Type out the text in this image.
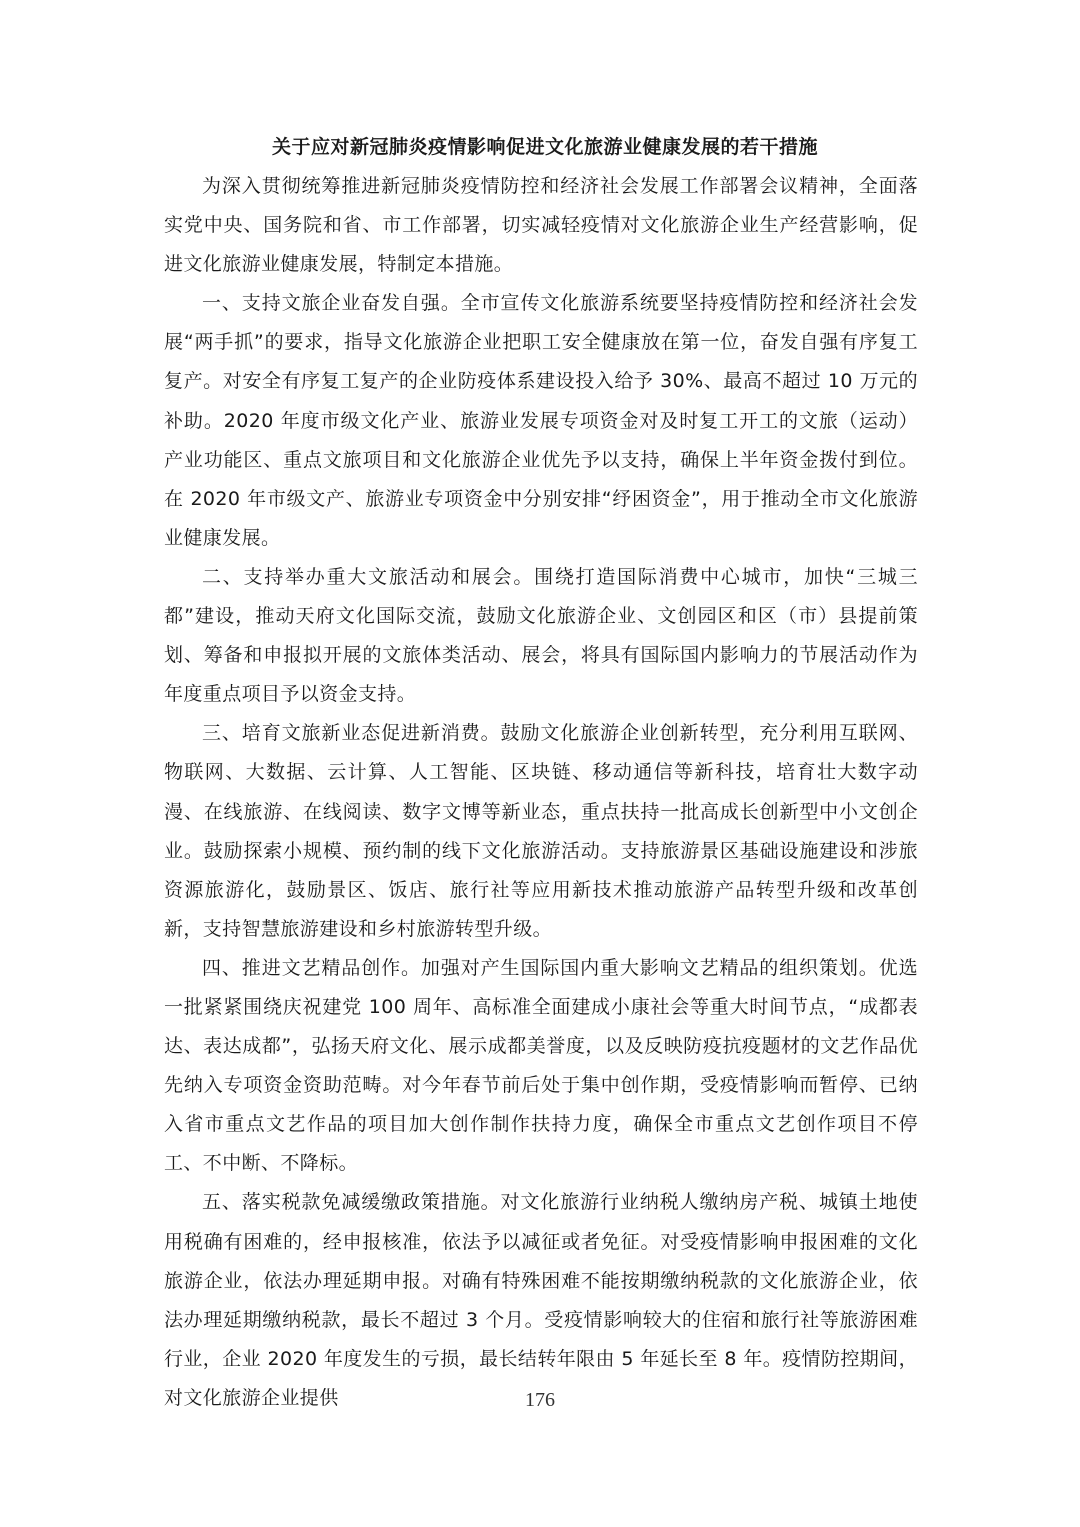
关于应对新冠肺炎疫情影响促进文化旅游业健康发展的若干措施

为深入贯彻统筹推进新冠肺炎疫情防控和经济社会发展工作部署会议精神，全面落实党中央、国务院和省、市工作部署，切实减轻疫情对文化旅游企业生产经营影响，促进文化旅游业健康发展，特制定本措施。

一、支持文旅企业奋发自强。全市宣传文化旅游系统要坚持疫情防控和经济社会发展“两手抓”的要求，指导文化旅游企业把职工安全健康放在第一位，奋发自强有序复工复产。对安全有序复工复产的企业防疫体系建设投入给予 30%、最高不超过 10 万元的补助。2020 年度市级文化产业、旅游业发展专项资金对及时复工开工的文旅（运动）产业功能区、重点文旅项目和文化旅游企业优先予以支持，确保上半年资金拨付到位。在 2020 年市级文产、旅游业专项资金中分别安排“纾困资金”，用于推动全市文化旅游业健康发展。

二、支持举办重大文旅活动和展会。围绕打造国际消费中心城市，加快“三城三都”建设，推动天府文化国际交流，鼓励文化旅游企业、文创园区和区（市）县提前策划、筹备和申报拟开展的文旅体类活动、展会，将具有国际国内影响力的节展活动作为年度重点项目予以资金支持。

三、培育文旅新业态促进新消费。鼓励文化旅游企业创新转型，充分利用互联网、物联网、大数据、云计算、人工智能、区块链、移动通信等新科技，培育壮大数字动漫、在线旅游、在线阅读、数字文博等新业态，重点扶持一批高成长创新型中小文创企业。鼓励探索小规模、预约制的线下文化旅游活动。支持旅游景区基础设施建设和涉旅资源旅游化，鼓励景区、饭店、旅行社等应用新技术推动旅游产品转型升级和改革创新，支持智慧旅游建设和乡村旅游转型升级。

四、推进文艺精品创作。加强对产生国际国内重大影响文艺精品的组织策划。优选一批紧紧围绕庆祝建党 100 周年、高标准全面建成小康社会等重大时间节点，“成都表达、表达成都”，弘扬天府文化、展示成都美誉度，以及反映防疫抗疫题材的文艺作品优先纳入专项资金资助范畴。对今年春节前后处于集中创作期，受疫情影响而暂停、已纳入省市重点文艺作品的项目加大创作制作扶持力度，确保全市重点文艺创作项目不停工、不中断、不降标。

五、落实税款免减缓缴政策措施。对文化旅游行业纳税人缴纳房产税、城镇土地使用税确有困难的，经申报核准，依法予以减征或者免征。对受疫情影响申报困难的文化旅游企业，依法办理延期申报。对确有特殊困难不能按期缴纳税款的文化旅游企业，依法办理延期缴纳税款，最长不超过 3 个月。受疫情影响较大的住宿和旅行社等旅游困难行业，企业 2020 年度发生的亏损，最长结转年限由 5 年延长至 8 年。疫情防控期间，对文化旅游企业提供	176
